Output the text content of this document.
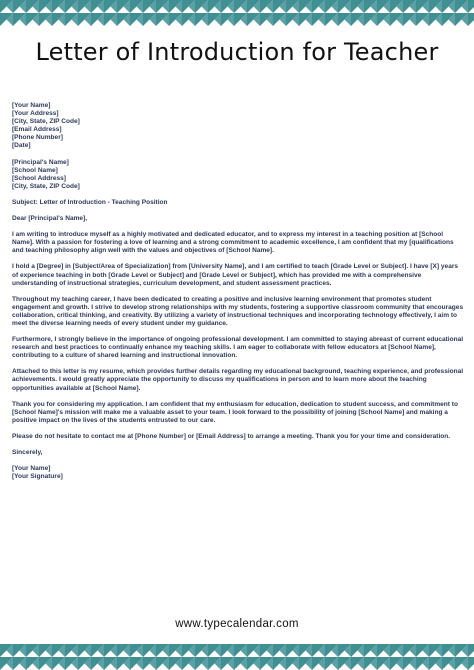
Letter of Introduction for Teacher
[Your Name]
[Your Address]
[City, State, ZIP Code]
[Email Address]
[Phone Number]
[Date]
[Principal's Name]
[School Name]
[School Address]
[City, State, ZIP Code]

Subject: Letter of Introduction - Teaching Position

Dear [Principal's Name],

I am writing to introduce myself as a highly motivated and dedicated educator, and to express my interest in a teaching position at [School Name]. With a passion for fostering a love of learning and a strong commitment to academic excellence, I am confident that my [qualifications and teaching philosophy align well with the values and objectives of [School Name].

I hold a [Degree] in [Subject/Area of Specialization] from [University Name], and I am certified to teach [Grade Level or Subject]. I have [X] years of experience teaching in both [Grade Level or Subject] and [Grade Level or Subject], which has provided me with a comprehensive understanding of instructional strategies, curriculum development, and student assessment practices.

Throughout my teaching career, I have been dedicated to creating a positive and inclusive learning environment that promotes student engagement and growth. I strive to develop strong relationships with my students, fostering a supportive classroom community that encourages collaboration, critical thinking, and creativity. By utilizing a variety of instructional techniques and incorporating technology effectively, I aim to meet the diverse learning needs of every student under my guidance.

Furthermore, I strongly believe in the importance of ongoing professional development. I am committed to staying abreast of current educational research and best practices to continually enhance my teaching skills. I am eager to collaborate with fellow educators at [School Name], contributing to a culture of shared learning and instructional innovation.

Attached to this letter is my resume, which provides further details regarding my educational background, teaching experience, and professional achievements. I would greatly appreciate the opportunity to discuss my qualifications in person and to learn more about the teaching opportunities available at [School Name].

Thank you for considering my application. I am confident that my enthusiasm for education, dedication to student success, and commitment to [School Name]'s mission will make me a valuable asset to your team. I look forward to the possibility of joining [School Name] and making a positive impact on the lives of the students entrusted to our care.

Please do not hesitate to contact me at [Phone Number] or [Email Address] to arrange a meeting. Thank you for your time and consideration.

Sincerely,

[Your Name]
[Your Signature]
www.typecalendar.com
